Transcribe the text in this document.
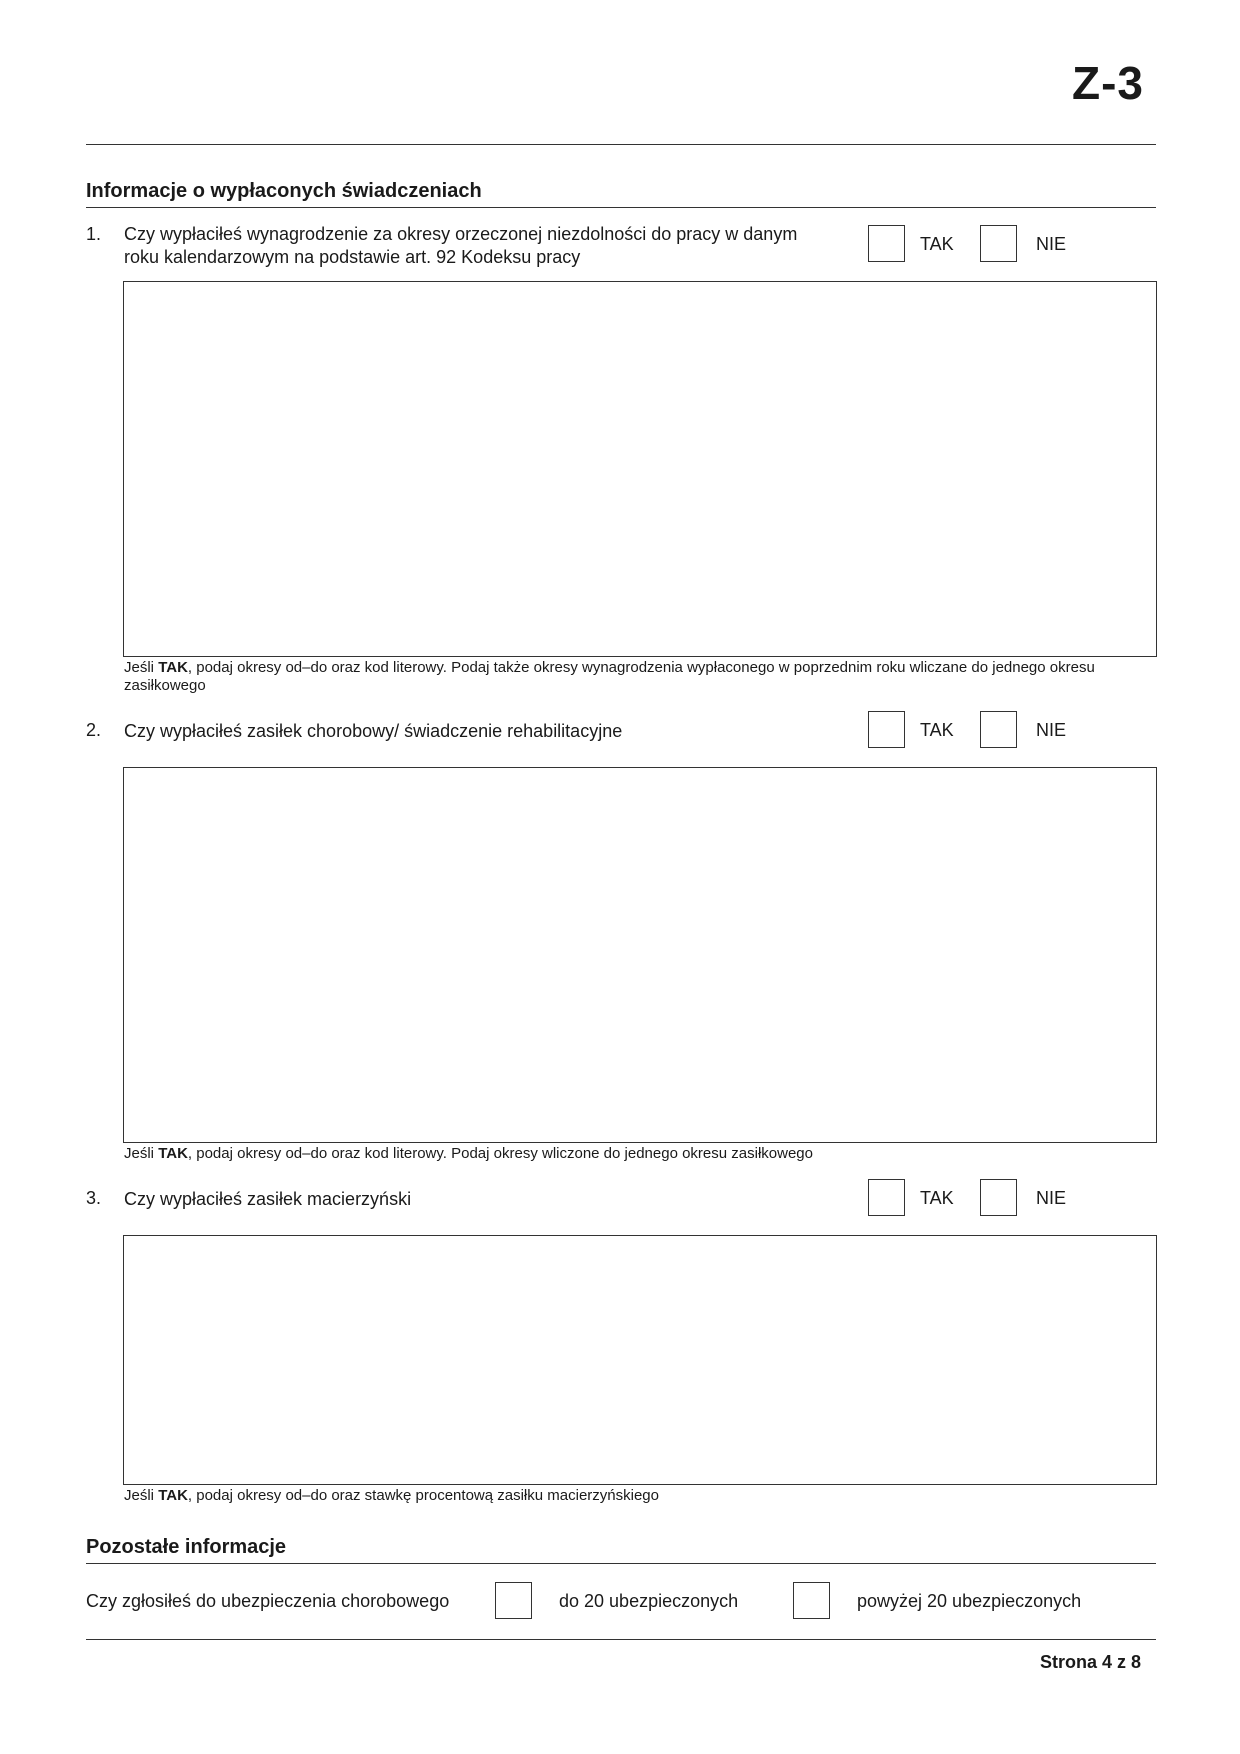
Z-3
Informacje o wypłaconych świadczeniach
1. Czy wypłaciłeś wynagrodzenie za okresy orzeczonej niezdolności do pracy w danym
roku kalendarzowym na podstawie art. 92 Kodeksu pracy
TAK	NIE
Jeśli TAK, podaj okresy od–do oraz kod literowy. Podaj także okresy wynagrodzenia wypłaconego w poprzednim roku wliczane do jednego okresu zasiłkowego
2. Czy wypłaciłeś zasiłek chorobowy/ świadczenie rehabilitacyjne	TAK	NIE
Jeśli TAK, podaj okresy od–do oraz kod literowy. Podaj okresy wliczone do jednego okresu zasiłkowego
3. Czy wypłaciłeś zasiłek macierzyński	TAK	NIE
Jeśli TAK, podaj okresy od–do oraz stawkę procentową zasiłku macierzyńskiego
Pozostałe informacje
Czy zgłosiłeś do ubezpieczenia chorobowego	do 20 ubezpieczonych	powyżej 20 ubezpieczonych
Strona 4 z 8
